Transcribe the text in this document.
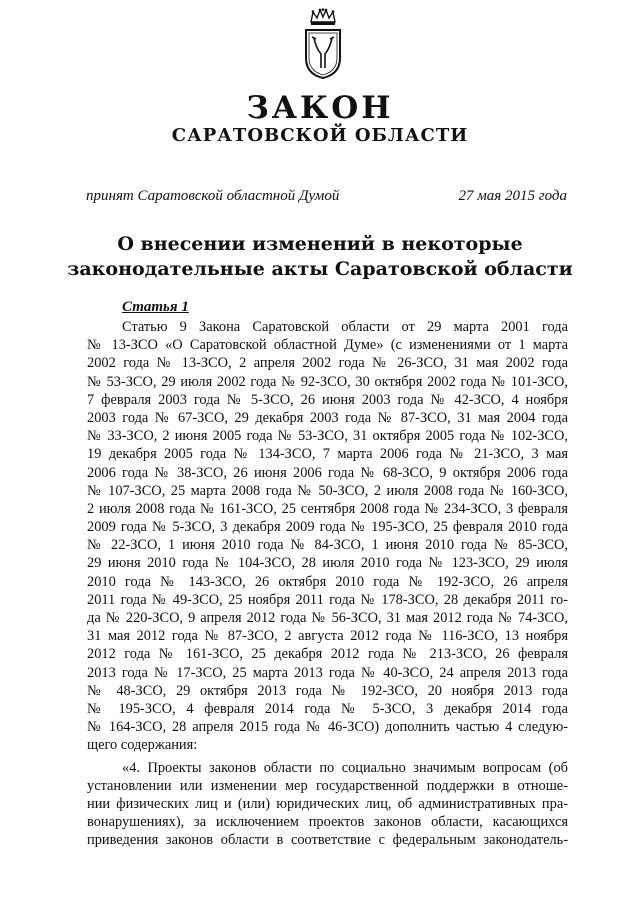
ЗАКОН
САРАТОВСКОЙ ОБЛАСТИ
принят Саратовской областной Думой	27 мая 2015 года
О внесении изменений в некоторые
законодательные акты Саратовской области
Статья 1
Статью 9 Закона Саратовской области от 29 марта 2001 года
№ 13-ЗСО «О Саратовской областной Думе» (с изменениями от 1 марта
2002 года № 13-ЗСО, 2 апреля 2002 года № 26-ЗСО, 31 мая 2002 года
№ 53-ЗСО, 29 июля 2002 года № 92-ЗСО, 30 октября 2002 года № 101-ЗСО,
7 февраля 2003 года № 5-ЗСО, 26 июня 2003 года № 42-ЗСО, 4 ноября
2003 года № 67-ЗСО, 29 декабря 2003 года № 87-ЗСО, 31 мая 2004 года
№ 33-ЗСО, 2 июня 2005 года № 53-ЗСО, 31 октября 2005 года № 102-ЗСО,
19 декабря 2005 года № 134-ЗСО, 7 марта 2006 года № 21-ЗСО, 3 мая
2006 года № 38-ЗСО, 26 июня 2006 года № 68-ЗСО, 9 октября 2006 года
№ 107-ЗСО, 25 марта 2008 года № 50-ЗСО, 2 июля 2008 года № 160-ЗСО,
2 июля 2008 года № 161-ЗСО, 25 сентября 2008 года № 234-ЗСО, 3 февраля
2009 года № 5-ЗСО, 3 декабря 2009 года № 195-ЗСО, 25 февраля 2010 года
№ 22-ЗСО, 1 июня 2010 года № 84-ЗСО, 1 июня 2010 года № 85-ЗСО,
29 июня 2010 года № 104-ЗСО, 28 июля 2010 года № 123-ЗСО, 29 июля
2010 года № 143-ЗСО, 26 октября 2010 года № 192-ЗСО, 26 апреля
2011 года № 49-ЗСО, 25 ноября 2011 года № 178-ЗСО, 28 декабря 2011 го-
да № 220-ЗСО, 9 апреля 2012 года № 56-ЗСО, 31 мая 2012 года № 74-ЗСО,
31 мая 2012 года № 87-ЗСО, 2 августа 2012 года № 116-ЗСО, 13 ноября
2012 года № 161-ЗСО, 25 декабря 2012 года № 213-ЗСО, 26 февраля
2013 года № 17-ЗСО, 25 марта 2013 года № 40-ЗСО, 24 апреля 2013 года
№ 48-ЗСО, 29 октября 2013 года № 192-ЗСО, 20 ноября 2013 года
№ 195-ЗСО, 4 февраля 2014 года № 5-ЗСО, 3 декабря 2014 года
№ 164-ЗСО, 28 апреля 2015 года № 46-ЗСО) дополнить частью 4 следую-
щего содержания:
«4. Проекты законов области по социально значимым вопросам (об
установлении или изменении мер государственной поддержки в отноше-
нии физических лиц и (или) юридических лиц, об административных пра-
вонарушениях), за исключением проектов законов области, касающихся
приведения законов области в соответствие с федеральным законодатель-
